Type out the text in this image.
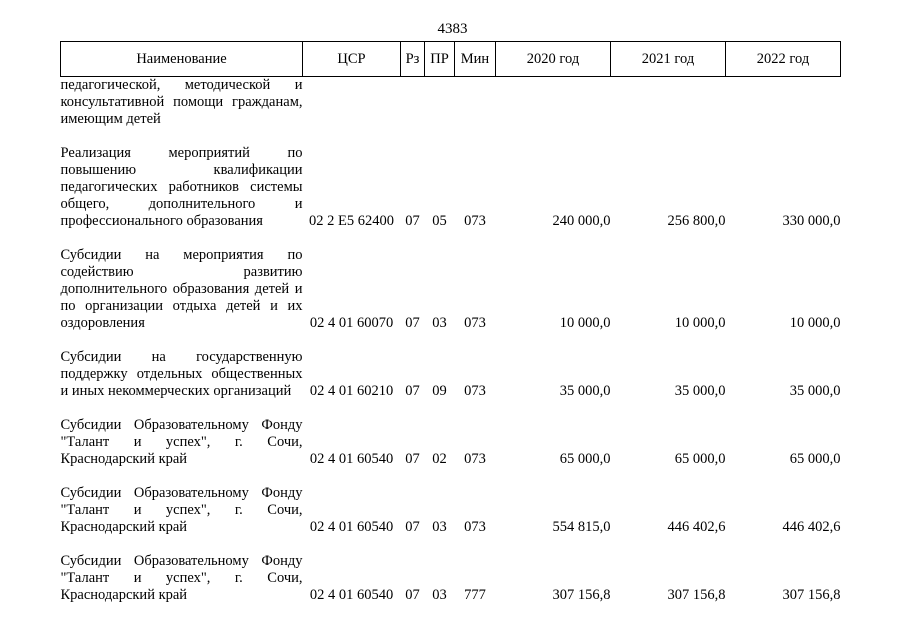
4383
Наименование	ЦСР	Рз	ПР	Мин	2020 год	2021 год	2022 год
педагогической, методической и консультативной помощи гражданам, имеющим детей							

Реализация мероприятий по повышению квалификации педагогических работников системы общего, дополнительного и профессионального образования	02 2 E5 62400	07	05	073	240 000,0	256 800,0	330 000,0

Субсидии на мероприятия по содействию развитию дополнительного образования детей и по организации отдыха детей и их оздоровления	02 4 01 60070	07	03	073	10 000,0	10 000,0	10 000,0

Субсидии на государственную поддержку отдельных общественных и иных некоммерческих организаций	02 4 01 60210	07	09	073	35 000,0	35 000,0	35 000,0

Субсидии Образовательному Фонду "Талант и успех", г. Сочи, Краснодарский край	02 4 01 60540	07	02	073	65 000,0	65 000,0	65 000,0

Субсидии Образовательному Фонду "Талант и успех", г. Сочи, Краснодарский край	02 4 01 60540	07	03	073	554 815,0	446 402,6	446 402,6

Субсидии Образовательному Фонду "Талант и успех", г. Сочи, Краснодарский край	02 4 01 60540	07	03	777	307 156,8	307 156,8	307 156,8
